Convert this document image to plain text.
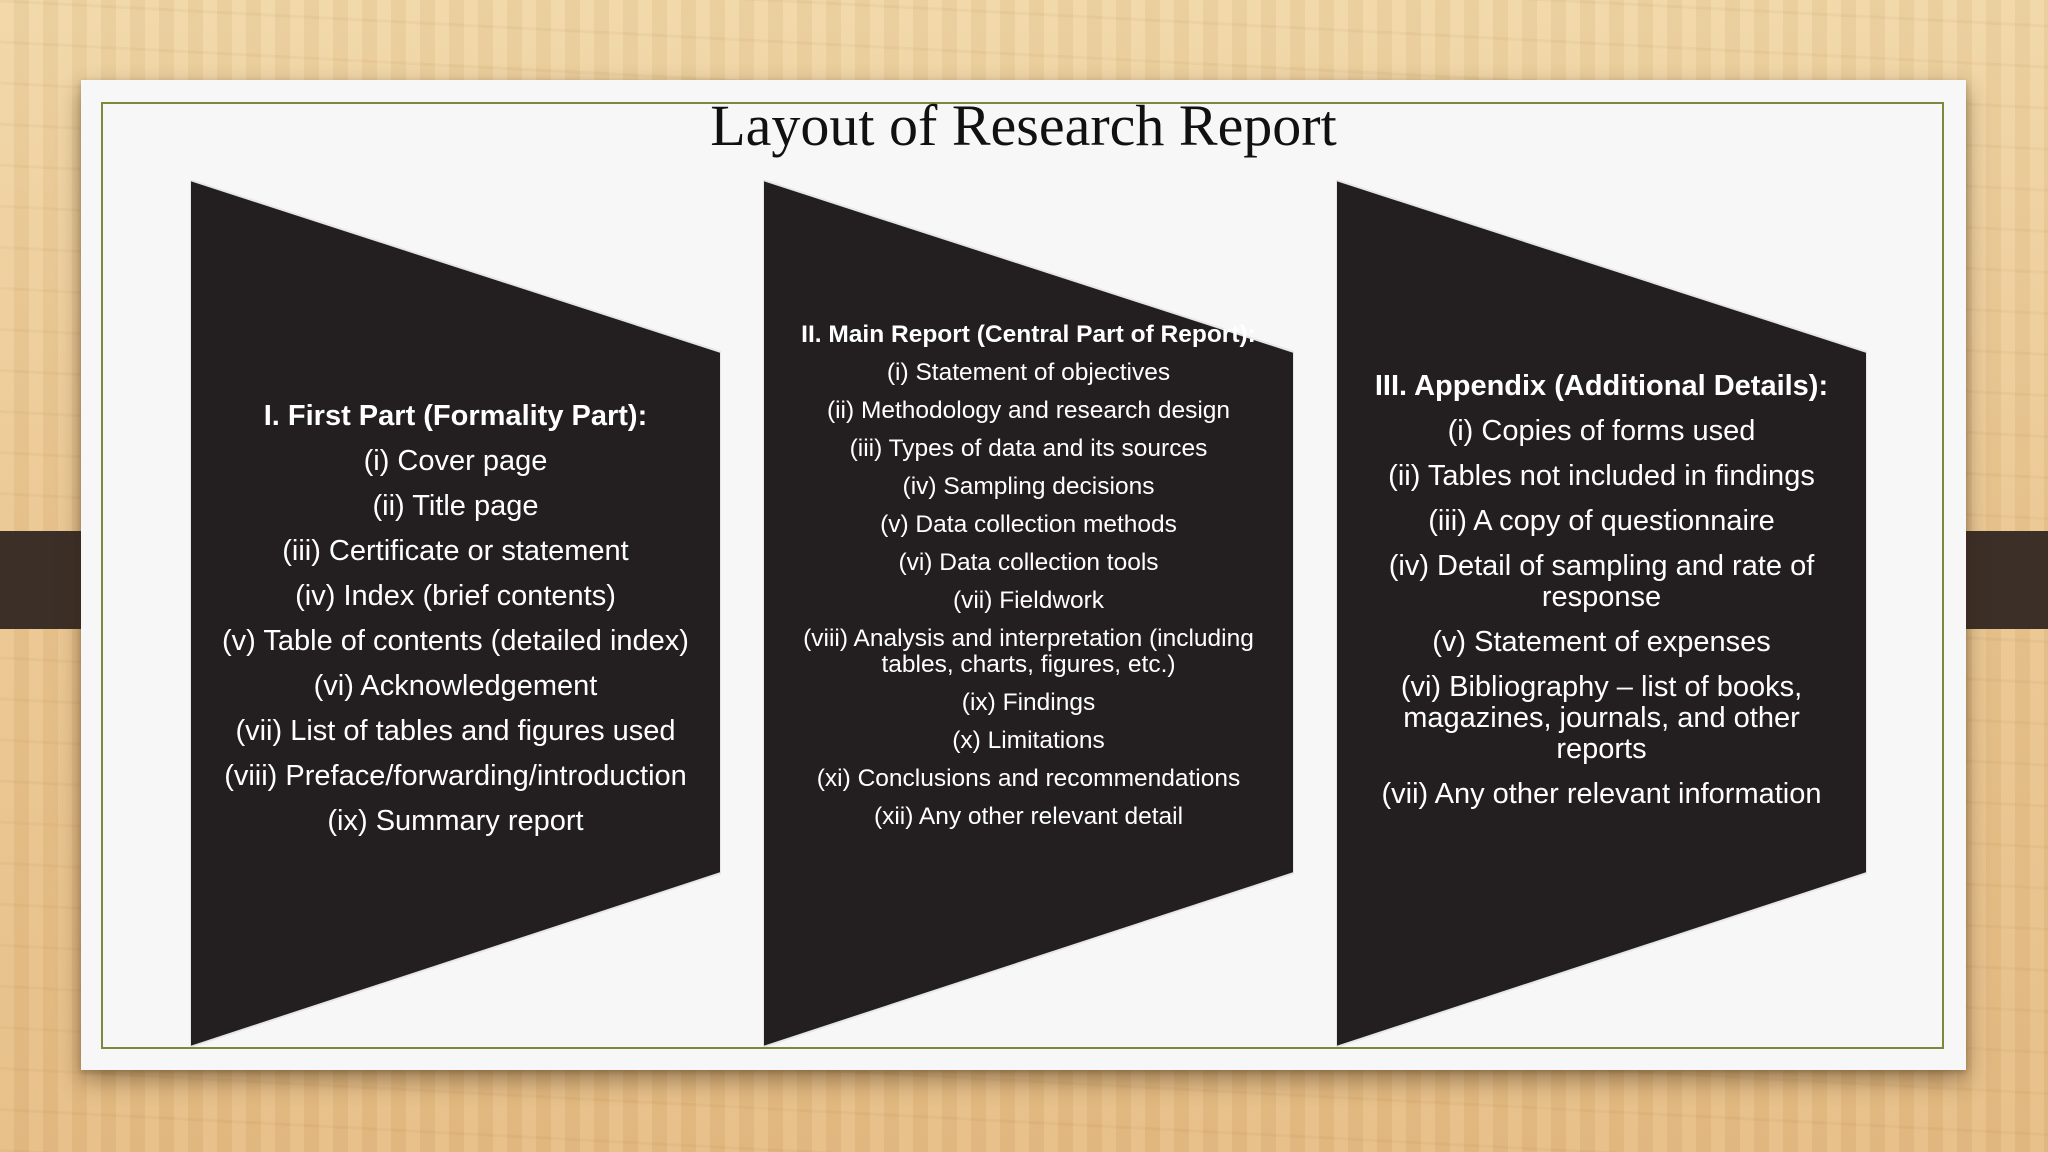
Layout of Research Report

I. First Part (Formality Part):

(i) Cover page
(ii) Title page
(iii) Certificate or statement
(iv) Index (brief contents)
(v) Table of contents (detailed index)
(vi) Acknowledgement
(vii) List of tables and figures used
(viii) Preface/forwarding/introduction
(ix) Summary report

II. Main Report (Central Part of Report):

(i) Statement of objectives
(ii) Methodology and research design
(iii) Types of data and its sources
(iv) Sampling decisions
(v) Data collection methods
(vi) Data collection tools
(vii) Fieldwork
(viii) Analysis and interpretation (including tables, charts, figures, etc.)
(ix) Findings
(x) Limitations
(xi) Conclusions and recommendations
(xii) Any other relevant detail

III. Appendix (Additional Details):

(i) Copies of forms used
(ii) Tables not included in findings
(iii) A copy of questionnaire
(iv) Detail of sampling and rate of response
(v) Statement of expenses
(vi) Bibliography – list of books, magazines, journals, and other reports
(vii) Any other relevant information
